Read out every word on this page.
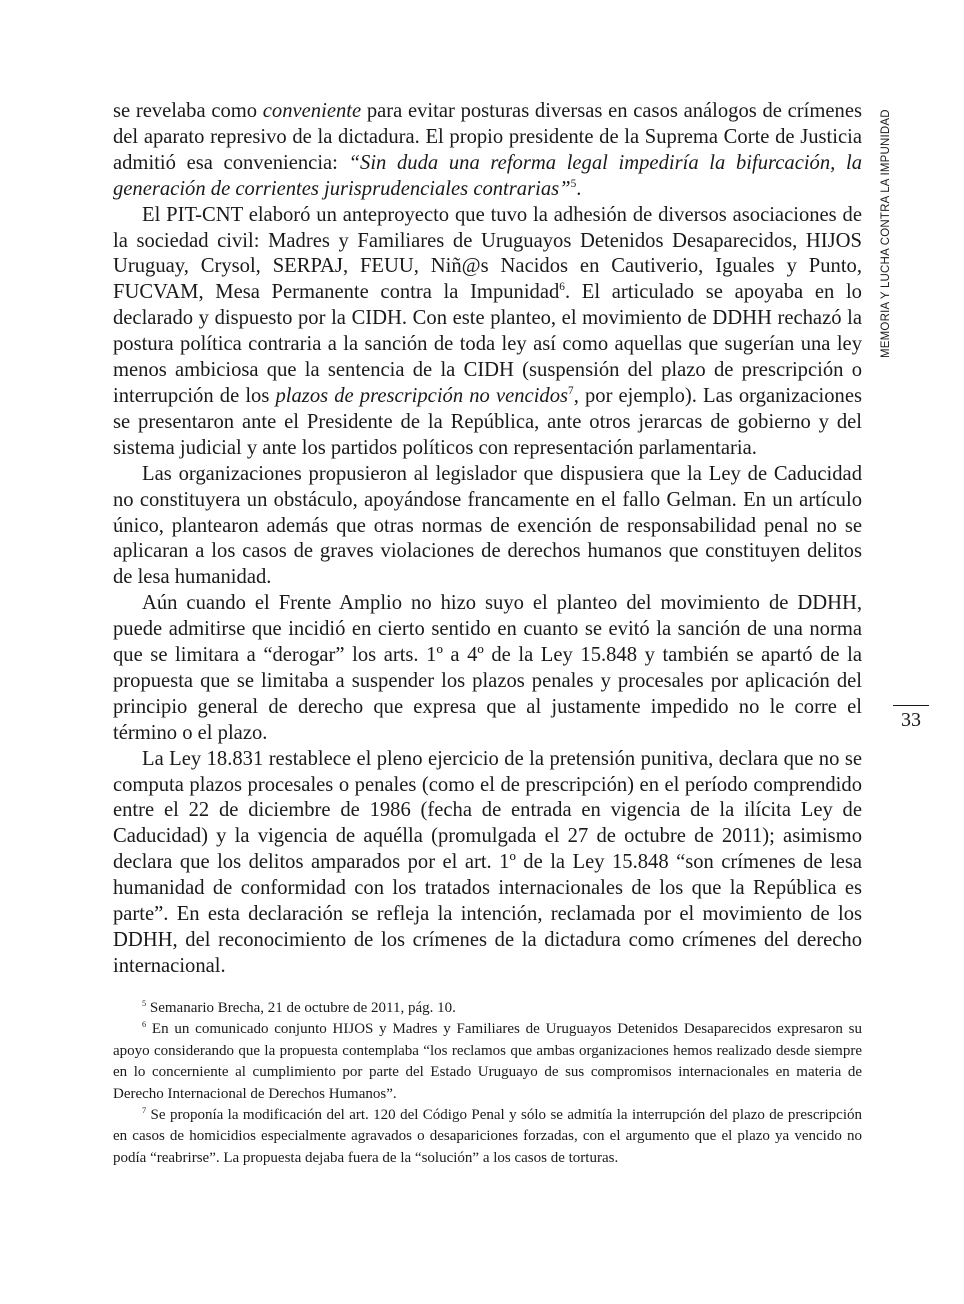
se revelaba como conveniente para evitar posturas diversas en casos análogos de crímenes del aparato represivo de la dictadura. El propio presidente de la Suprema Corte de Justicia admitió esa conveniencia: “Sin duda una reforma legal impediría la bifurcación, la generación de corrientes jurisprudenciales contrarias”$^5$.

El PIT-CNT elaboró un anteproyecto que tuvo la adhesión de diversos asociaciones de la sociedad civil: Madres y Familiares de Uruguayos Detenidos Desaparecidos, HIJOS Uruguay, Crysol, SERPAJ, FEUU, Niñ@s Nacidos en Cautiverio, Iguales y Punto, FUCVAM, Mesa Permanente contra la Impunidad$^6$. El articulado se apoyaba en lo declarado y dispuesto por la CIDH. Con este planteo, el movimiento de DDHH rechazó la postura política contraria a la sanción de toda ley así como aquellas que sugerían una ley menos ambiciosa que la sentencia de la CIDH (suspensión del plazo de prescripción o interrupción de los plazos de prescripción no vencidos$^7$, por ejemplo). Las organizaciones se presentaron ante el Presidente de la República, ante otros jerarcas de gobierno y del sistema judicial y ante los partidos políticos con representación parlamentaria.

Las organizaciones propusieron al legislador que dispusiera que la Ley de Caducidad no constituyera un obstáculo, apoyándose francamente en el fallo Gelman. En un artículo único, plantearon además que otras normas de exención de responsabilidad penal no se aplicaran a los casos de graves violaciones de derechos humanos que constituyen delitos de lesa humanidad.

Aún cuando el Frente Amplio no hizo suyo el planteo del movimiento de DDHH, puede admitirse que incidió en cierto sentido en cuanto se evitó la sanción de una norma que se limitara a “derogar” los arts. 1º a 4º de la Ley 15.848 y también se apartó de la propuesta que se limitaba a suspender los plazos penales y procesales por aplicación del principio general de derecho que expresa que al justamente impedido no le corre el término o el plazo.

La Ley 18.831 restablece el pleno ejercicio de la pretensión punitiva, declara que no se computa plazos procesales o penales (como el de prescripción) en el período comprendido entre el 22 de diciembre de 1986 (fecha de entrada en vigencia de la ilícita Ley de Caducidad) y la vigencia de aquélla (promulgada el 27 de octubre de 2011); asimismo declara que los delitos amparados por el art. 1º de la Ley 15.848 “son crímenes de lesa humanidad de conformidad con los tratados internacionales de los que la República es parte”. En esta declaración se refleja la intención, reclamada por el movimiento de los DDHH, del reconocimiento de los crímenes de la dictadura como crímenes del derecho internacional.

$^5$ Semanario Brecha, 21 de octubre de 2011, pág. 10.

$^6$ En un comunicado conjunto HIJOS y Madres y Familiares de Uruguayos Detenidos Desaparecidos expresaron su apoyo considerando que la propuesta contemplaba “los reclamos que ambas organizaciones hemos realizado desde siempre en lo concerniente al cumplimiento por parte del Estado Uruguayo de sus compromisos internacionales en materia de Derecho Internacional de Derechos Humanos”.

$^7$ Se proponía la modificación del art. 120 del Código Penal y sólo se admitía la interrupción del plazo de prescripción en casos de homicidios especialmente agravados o desapariciones forzadas, con el argumento que el plazo ya vencido no podía “reabrirse”. La propuesta dejaba fuera de la “solución” a los casos de torturas.

MEMORIA Y LUCHA CONTRA LA IMPUNIDAD
33
